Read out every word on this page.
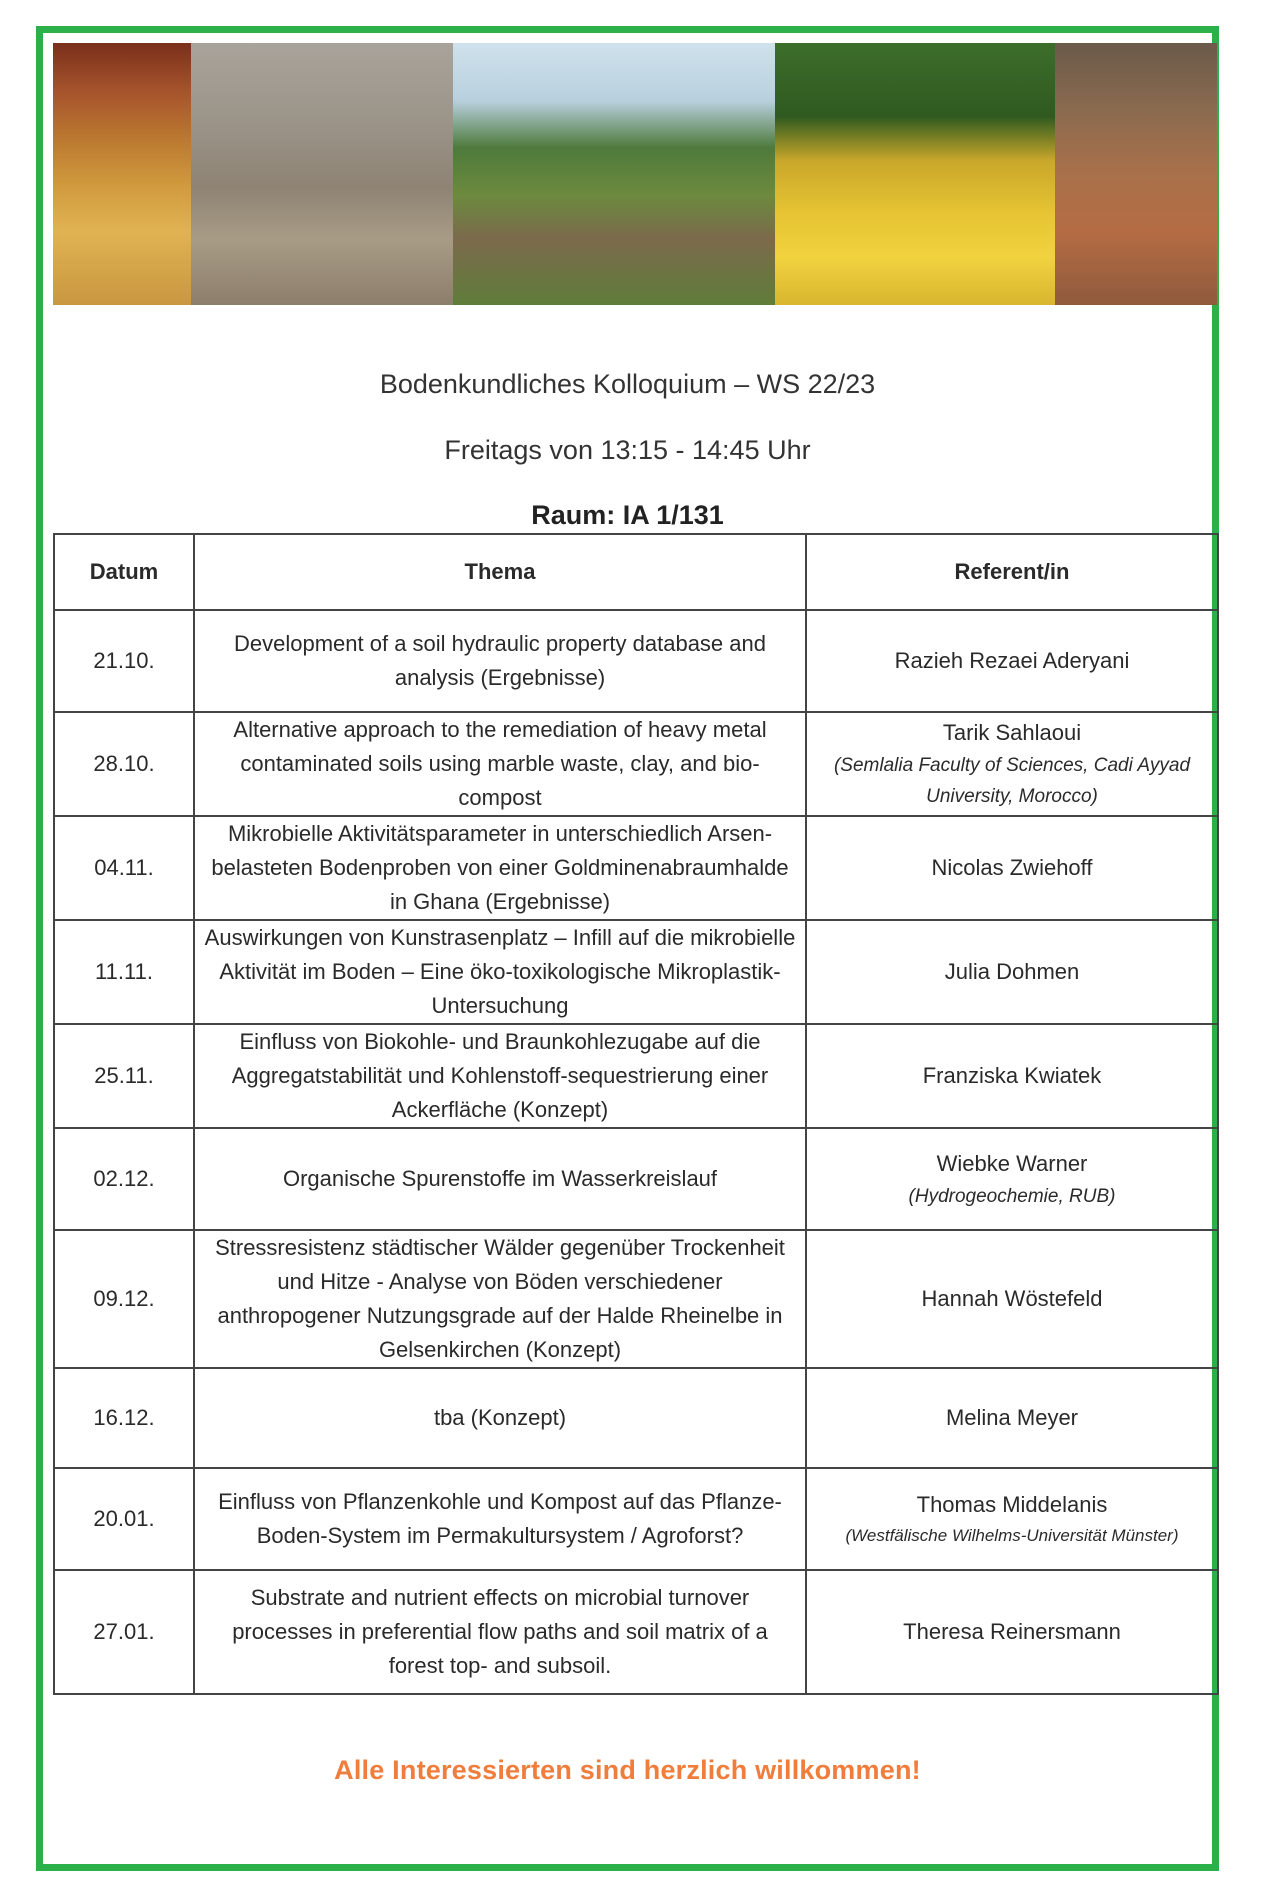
Bodenkundliches Kolloquium – WS 22/23
Freitags von 13:15 - 14:45 Uhr
Raum: IA 1/131
Datum	Thema	Referent/in
21.10.	Development of a soil hydraulic property database and analysis (Ergebnisse)	Razieh Rezaei Aderyani
28.10.	Alternative approach to the remediation of heavy metal contaminated soils using marble waste, clay, and bio-compost	Tarik Sahlaoui
(Semlalia Faculty of Sciences, Cadi Ayyad University, Morocco)

04.11.	Mikrobielle Aktivitätsparameter in unterschiedlich Arsen-belasteten Bodenproben von einer Goldminenabraumhalde in Ghana (Ergebnisse)	Nicolas Zwiehoff
11.11.	Auswirkungen von Kunstrasenplatz – Infill auf die mikrobielle Aktivität im Boden – Eine öko-toxikologische Mikroplastik-Untersuchung	Julia Dohmen
25.11.	Einfluss von Biokohle- und Braunkohlezugabe auf die Aggregatstabilität und Kohlenstoff-sequestrierung einer Ackerfläche (Konzept)	Franziska Kwiatek
02.12.	Organische Spurenstoffe im Wasserkreislauf	Wiebke Warner
(Hydrogeochemie, RUB)

09.12.	Stressresistenz städtischer Wälder gegenüber Trockenheit und Hitze - Analyse von Böden verschiedener anthropogener Nutzungsgrade auf der Halde Rheinelbe in Gelsenkirchen (Konzept)	Hannah Wöstefeld
16.12.	tba (Konzept)	Melina Meyer
20.01.	Einfluss von Pflanzenkohle und Kompost auf das Pflanze-Boden-System im Permakultursystem / Agroforst?	Thomas Middelanis
(Westfälische Wilhelms-Universität Münster)

27.01.	Substrate and nutrient effects on microbial turnover processes in preferential flow paths and soil matrix of a forest top- and subsoil.	Theresa Reinersmann
Alle Interessierten sind herzlich willkommen!
